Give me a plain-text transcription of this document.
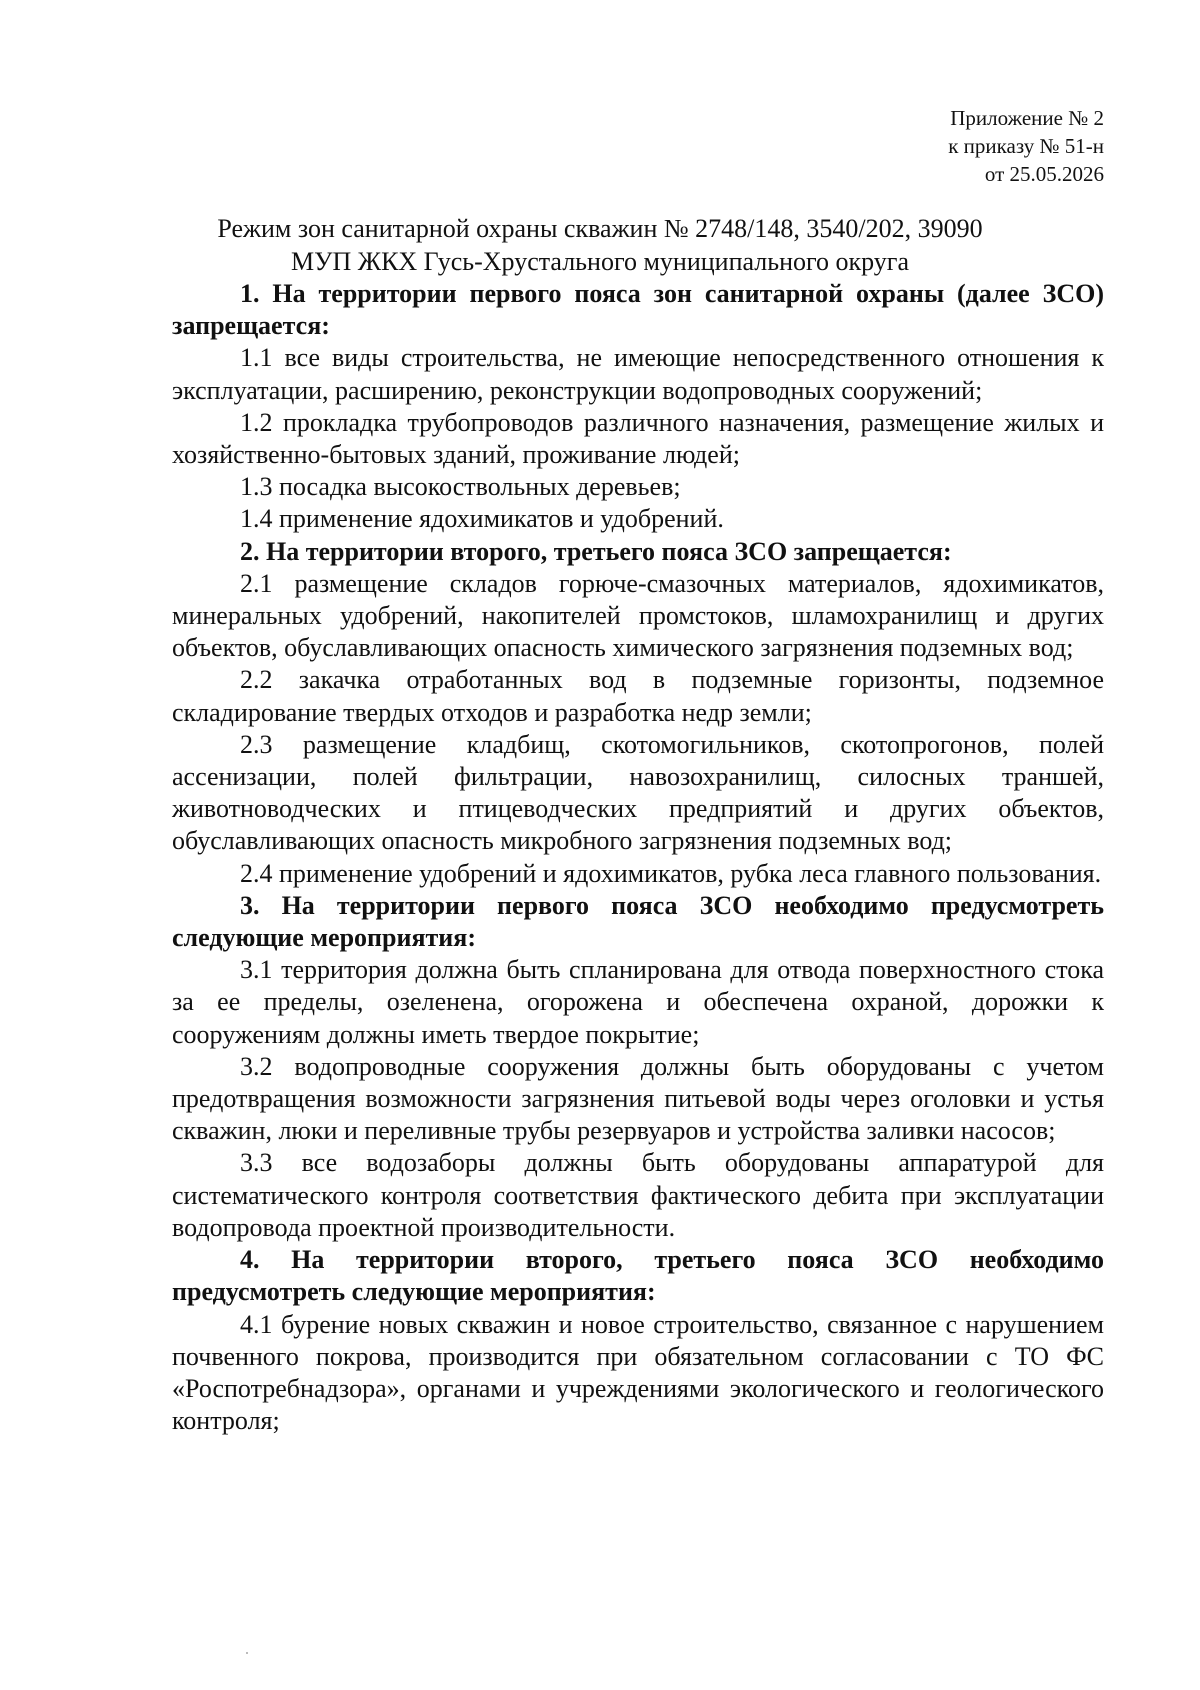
Приложение № 2
к приказу № 51-н
от 25.05.2026
Режим зон санитарной охраны скважин № 2748/148, 3540/202, 39090
МУП ЖКХ Гусь-Хрустального муниципального округа

1. На территории первого пояса зон санитарной охраны (далее ЗСО) запрещается:

1.1 все виды строительства, не имеющие непосредственного отношения к эксплуатации, расширению, реконструкции водопроводных сооружений;

1.2 прокладка трубопроводов различного назначения, размещение жилых и хозяйственно-бытовых зданий, проживание людей;

1.3 посадка высокоствольных деревьев;

1.4 применение ядохимикатов и удобрений.

2. На территории второго, третьего пояса ЗСО запрещается:

2.1 размещение складов горюче-смазочных материалов, ядохимикатов, минеральных удобрений, накопителей промстоков, шламохранилищ и других объектов, обуславливающих опасность химического загрязнения подземных вод;

2.2 закачка отработанных вод в подземные горизонты, подземное складирование твердых отходов и разработка недр земли;

2.3 размещение кладбищ, скотомогильников, скотопрогонов, полей ассенизации, полей фильтрации, навозохранилищ, силосных траншей, животноводческих и птицеводческих предприятий и других объектов, обуславливающих опасность микробного загрязнения подземных вод;

2.4 применение удобрений и ядохимикатов, рубка леса главного пользования.

3. На территории первого пояса ЗСО необходимо предусмотреть следующие мероприятия:

3.1 территория должна быть спланирована для отвода поверхностного стока за ее пределы, озеленена, огорожена и обеспечена охраной, дорожки к сооружениям должны иметь твердое покрытие;

3.2 водопроводные сооружения должны быть оборудованы с учетом предотвращения возможности загрязнения питьевой воды через оголовки и устья скважин, люки и переливные трубы резервуаров и устройства заливки насосов;

3.3 все водозаборы должны быть оборудованы аппаратурой для систематического контроля соответствия фактического дебита при эксплуатации водопровода проектной производительности.

4. На территории второго, третьего пояса ЗСО необходимо предусмотреть следующие мероприятия:

4.1 бурение новых скважин и новое строительство, связанное с нарушением почвенного покрова, производится при обязательном согласовании с ТО ФС «Роспотребнадзора», органами и учреждениями экологического и геологического контроля;
